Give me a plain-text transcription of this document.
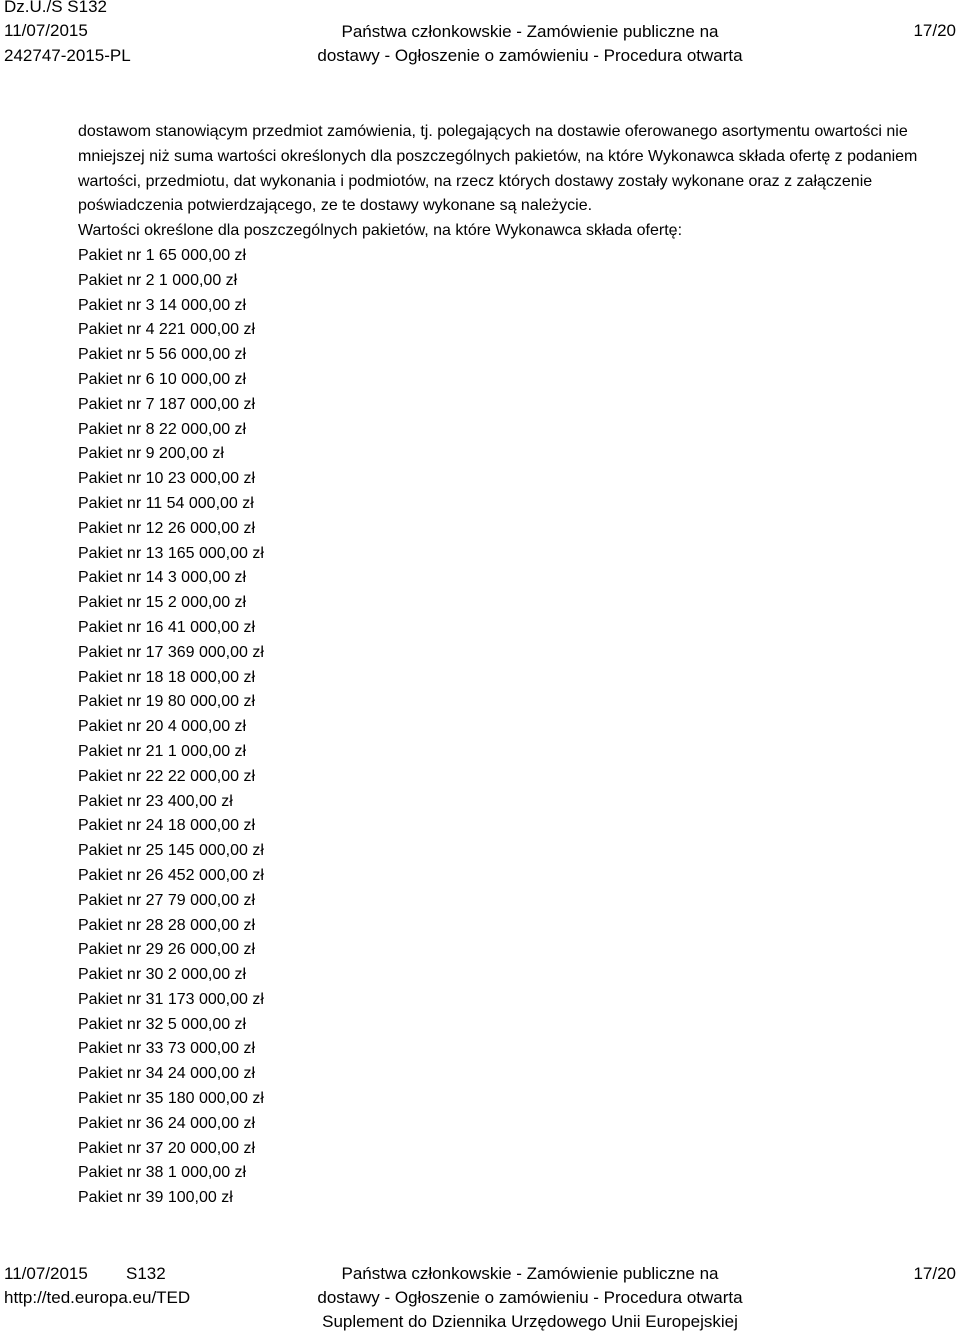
Dz.U./S S132
11/07/2015
242747-2015-PL
Państwa członkowskie - Zamówienie publiczne na
dostawy - Ogłoszenie o zamówieniu - Procedura otwarta
17/20

dostawom stanowiącym przedmiot zamówienia, tj. polegających na dostawie oferowanego asortymentu owartości nie mniejszej niż suma wartości określonych dla poszczególnych pakietów, na które Wykonawca składa ofertę z podaniem wartości, przedmiotu, dat wykonania i podmiotów, na rzecz których dostawy zostały wykonane oraz z załączenie poświadczenia potwierdzającego, ze te dostawy wykonane są należycie.

Wartości określone dla poszczególnych pakietów, na które Wykonawca składa ofertę:

Pakiet nr 1 65 000,00 zł
Pakiet nr 2 1 000,00 zł
Pakiet nr 3 14 000,00 zł
Pakiet nr 4 221 000,00 zł
Pakiet nr 5 56 000,00 zł
Pakiet nr 6 10 000,00 zł
Pakiet nr 7 187 000,00 zł
Pakiet nr 8 22 000,00 zł
Pakiet nr 9 200,00 zł
Pakiet nr 10 23 000,00 zł
Pakiet nr 11 54 000,00 zł
Pakiet nr 12 26 000,00 zł
Pakiet nr 13 165 000,00 zł
Pakiet nr 14 3 000,00 zł
Pakiet nr 15 2 000,00 zł
Pakiet nr 16 41 000,00 zł
Pakiet nr 17 369 000,00 zł
Pakiet nr 18 18 000,00 zł
Pakiet nr 19 80 000,00 zł
Pakiet nr 20 4 000,00 zł
Pakiet nr 21 1 000,00 zł
Pakiet nr 22 22 000,00 zł
Pakiet nr 23 400,00 zł
Pakiet nr 24 18 000,00 zł
Pakiet nr 25 145 000,00 zł
Pakiet nr 26 452 000,00 zł
Pakiet nr 27 79 000,00 zł
Pakiet nr 28 28 000,00 zł
Pakiet nr 29 26 000,00 zł
Pakiet nr 30 2 000,00 zł
Pakiet nr 31 173 000,00 zł
Pakiet nr 32 5 000,00 zł
Pakiet nr 33 73 000,00 zł
Pakiet nr 34 24 000,00 zł
Pakiet nr 35 180 000,00 zł
Pakiet nr 36 24 000,00 zł
Pakiet nr 37 20 000,00 zł
Pakiet nr 38 1 000,00 zł
Pakiet nr 39 100,00 zł
11/07/2015 S132
http://ted.europa.eu/TED
Państwa członkowskie - Zamówienie publiczne na
dostawy - Ogłoszenie o zamówieniu - Procedura otwarta
Suplement do Dziennika Urzędowego Unii Europejskiej
17/20
